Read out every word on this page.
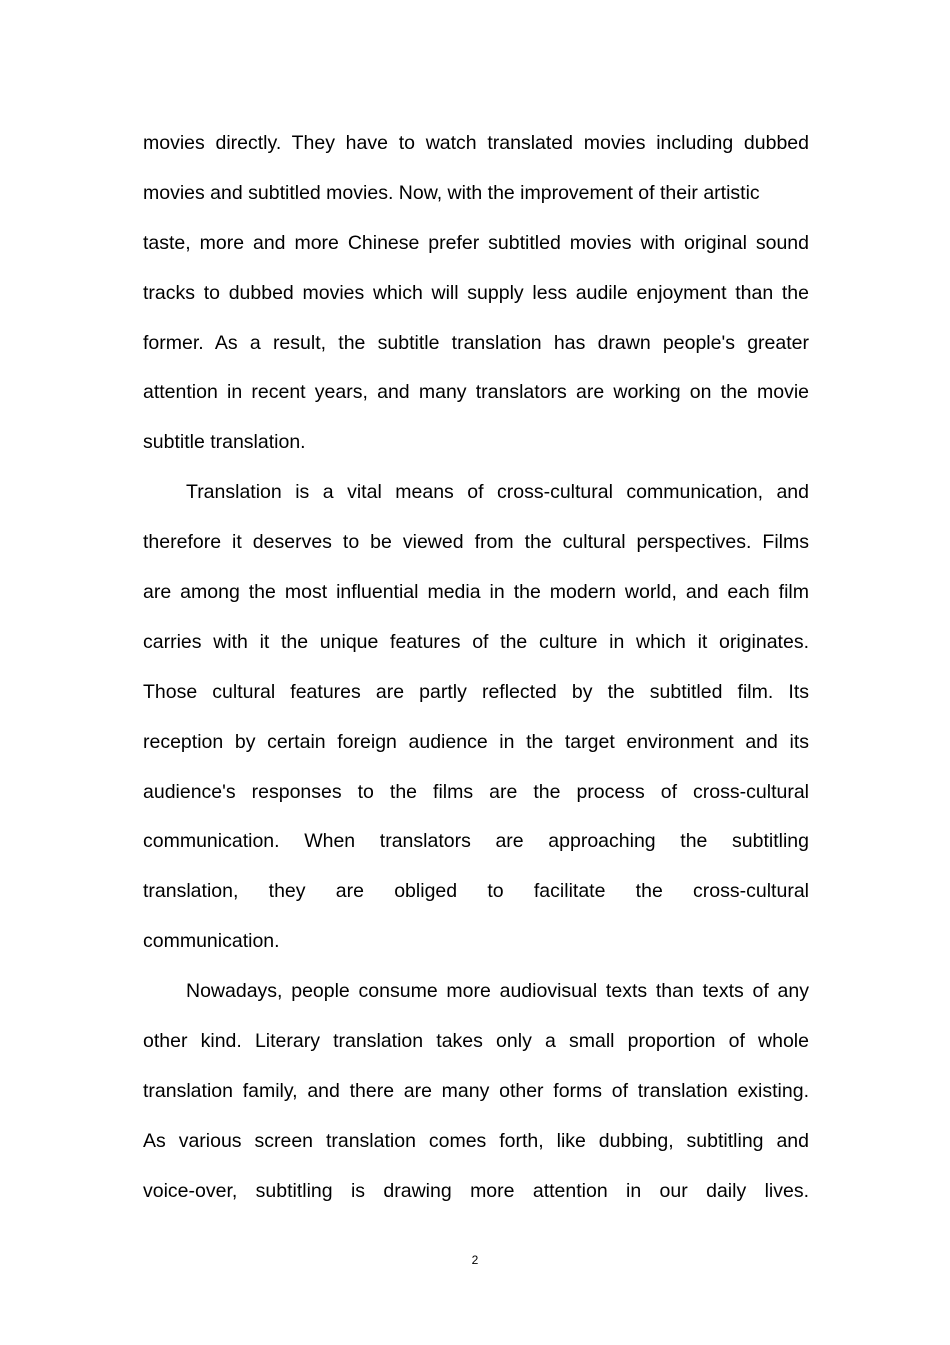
movies directly. They have to watch translated movies including dubbed
movies and subtitled movies. Now, with the improvement of their artistic
taste, more and more Chinese prefer subtitled movies with original sound
tracks to dubbed movies which will supply less audile enjoyment than the
former. As a result, the subtitle translation has drawn people's greater
attention in recent years, and many translators are working on the movie
subtitle translation.
Translation is a vital means of cross-cultural communication, and
therefore it deserves to be viewed from the cultural perspectives. Films
are among the most influential media in the modern world, and each film
carries with it the unique features of the culture in which it originates.
Those cultural features are partly reflected by the subtitled film. Its
reception by certain foreign audience in the target environment and its
audience's responses to the films are the process of cross-cultural
communication. When translators are approaching the subtitling
translation, they are obliged to facilitate the cross-cultural
communication.
Nowadays, people consume more audiovisual texts than texts of any
other kind. Literary translation takes only a small proportion of whole
translation family, and there are many other forms of translation existing.
As various screen translation comes forth, like dubbing, subtitling and
voice-over, subtitling is drawing more attention in our daily lives.
2
